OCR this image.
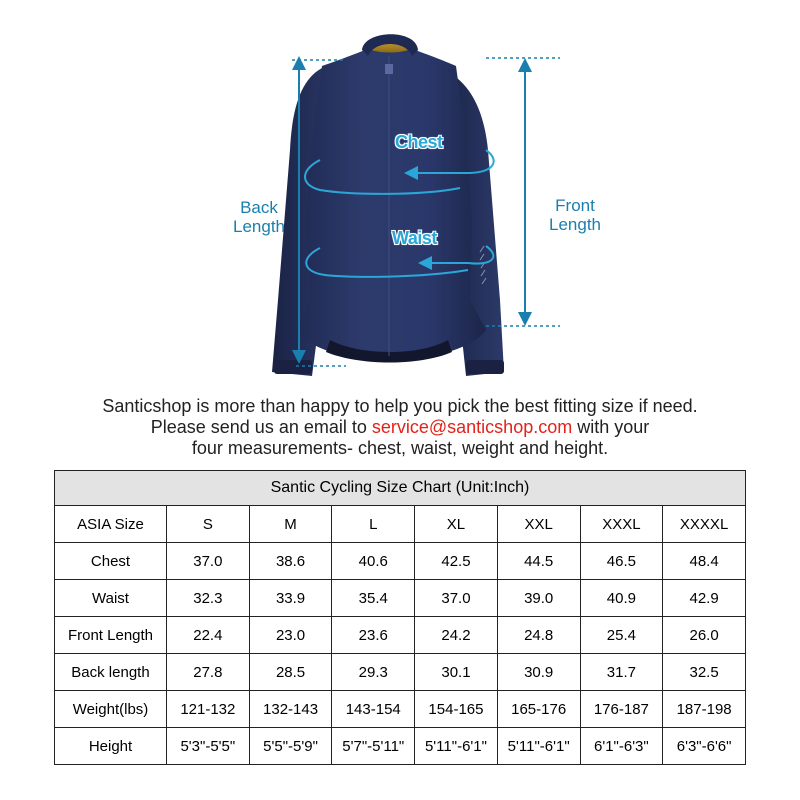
Chest
Waist
Back
Length
Front
Length
Santicshop is more than happy to help you pick the best fitting size if need.
Please send us an email to service@santicshop.com with your
four measurements- chest, waist, weight and height.
Santic Cycling Size Chart (Unit:Inch)							
ASIA Size	S	M	L	XL	XXL	XXXL	XXXXL
Chest	37.0	38.6	40.6	42.5	44.5	46.5	48.4
Waist	32.3	33.9	35.4	37.0	39.0	40.9	42.9
Front Length	22.4	23.0	23.6	24.2	24.8	25.4	26.0
Back length	27.8	28.5	29.3	30.1	30.9	31.7	32.5
Weight(lbs)	121-132	132-143	143-154	154-165	165-176	176-187	187-198
Height	5'3"-5'5"	5'5"-5'9"	5'7"-5'11"	5'11"-6'1"	5'11"-6'1"	6'1"-6'3"	6'3"-6'6"
